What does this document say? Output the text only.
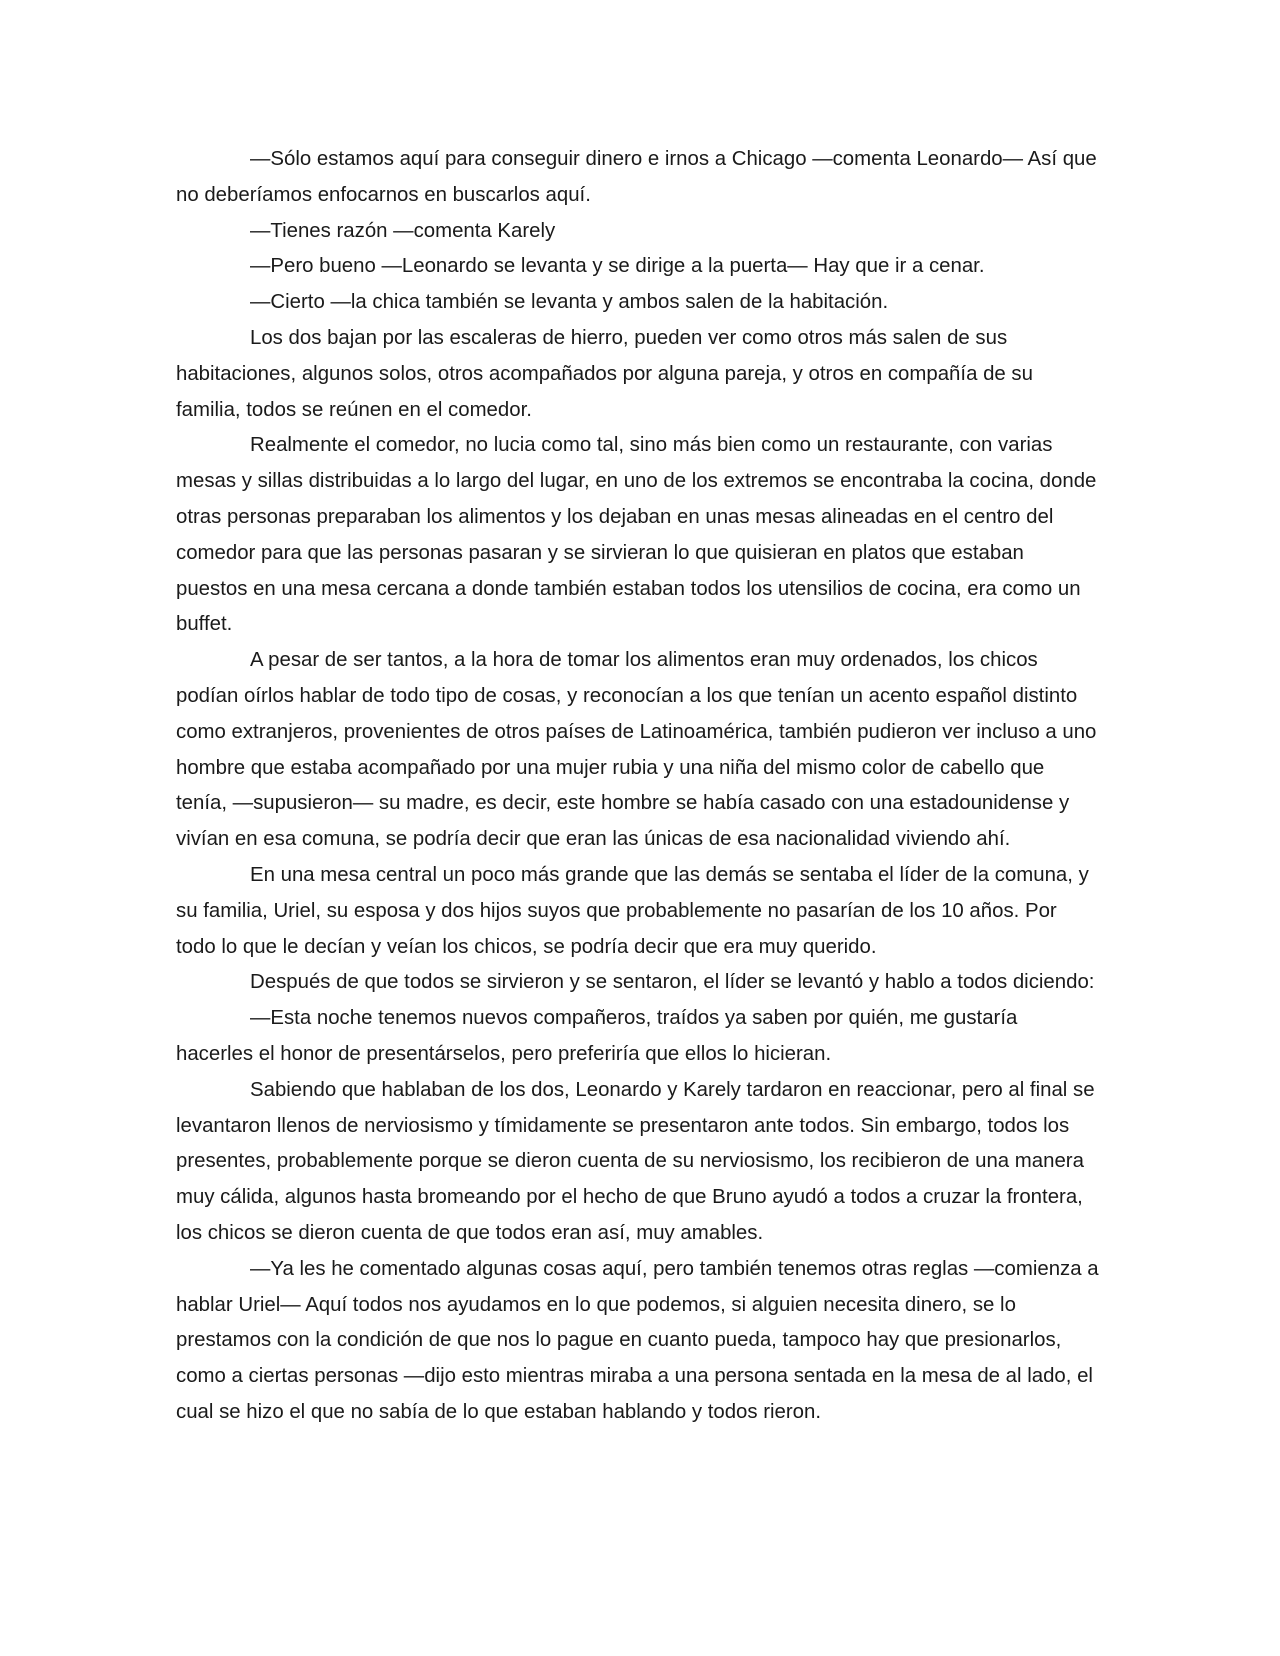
—Sólo estamos aquí para conseguir dinero e irnos a Chicago —comenta Leonardo— Así que no deberíamos enfocarnos en buscarlos aquí.

—Tienes razón —comenta Karely

—Pero bueno —Leonardo se levanta y se dirige a la puerta— Hay que ir a cenar.

—Cierto —la chica también se levanta y ambos salen de la habitación.

Los dos bajan por las escaleras de hierro, pueden ver como otros más salen de sus habitaciones, algunos solos, otros acompañados por alguna pareja, y otros en compañía de su familia, todos se reúnen en el comedor.

Realmente el comedor, no lucia como tal, sino más bien como un restaurante, con varias mesas y sillas distribuidas a lo largo del lugar, en uno de los extremos se encontraba la cocina, donde otras personas preparaban los alimentos y los dejaban en unas mesas alineadas en el centro del comedor para que las personas pasaran y se sirvieran lo que quisieran en platos que estaban puestos en una mesa cercana a donde también estaban todos los utensilios de cocina, era como un buffet.

A pesar de ser tantos, a la hora de tomar los alimentos eran muy ordenados, los chicos podían oírlos hablar de todo tipo de cosas, y reconocían a los que tenían un acento español distinto como extranjeros, provenientes de otros países de Latinoamérica, también pudieron ver incluso a uno hombre que estaba acompañado por una mujer rubia y una niña del mismo color de cabello que tenía, —supusieron— su madre, es decir, este hombre se había casado con una estadounidense y vivían en esa comuna, se podría decir que eran las únicas de esa nacionalidad viviendo ahí.

En una mesa central un poco más grande que las demás se sentaba el líder de la comuna, y su familia, Uriel, su esposa y dos hijos suyos que probablemente no pasarían de los 10 años. Por todo lo que le decían y veían los chicos, se podría decir que era muy querido.

Después de que todos se sirvieron y se sentaron, el líder se levantó y hablo a todos diciendo:

—Esta noche tenemos nuevos compañeros, traídos ya saben por quién, me gustaría hacerles el honor de presentárselos, pero preferiría que ellos lo hicieran.

Sabiendo que hablaban de los dos, Leonardo y Karely tardaron en reaccionar, pero al final se levantaron llenos de nerviosismo y tímidamente se presentaron ante todos. Sin embargo, todos los presentes, probablemente porque se dieron cuenta de su nerviosismo, los recibieron de una manera muy cálida, algunos hasta bromeando por el hecho de que Bruno ayudó a todos a cruzar la frontera, los chicos se dieron cuenta de que todos eran así, muy amables.

—Ya les he comentado algunas cosas aquí, pero también tenemos otras reglas —comienza a hablar Uriel— Aquí todos nos ayudamos en lo que podemos, si alguien necesita dinero, se lo prestamos con la condición de que nos lo pague en cuanto pueda, tampoco hay que presionarlos, como a ciertas personas —dijo esto mientras miraba a una persona sentada en la mesa de al lado, el cual se hizo el que no sabía de lo que estaban hablando y todos rieron.
